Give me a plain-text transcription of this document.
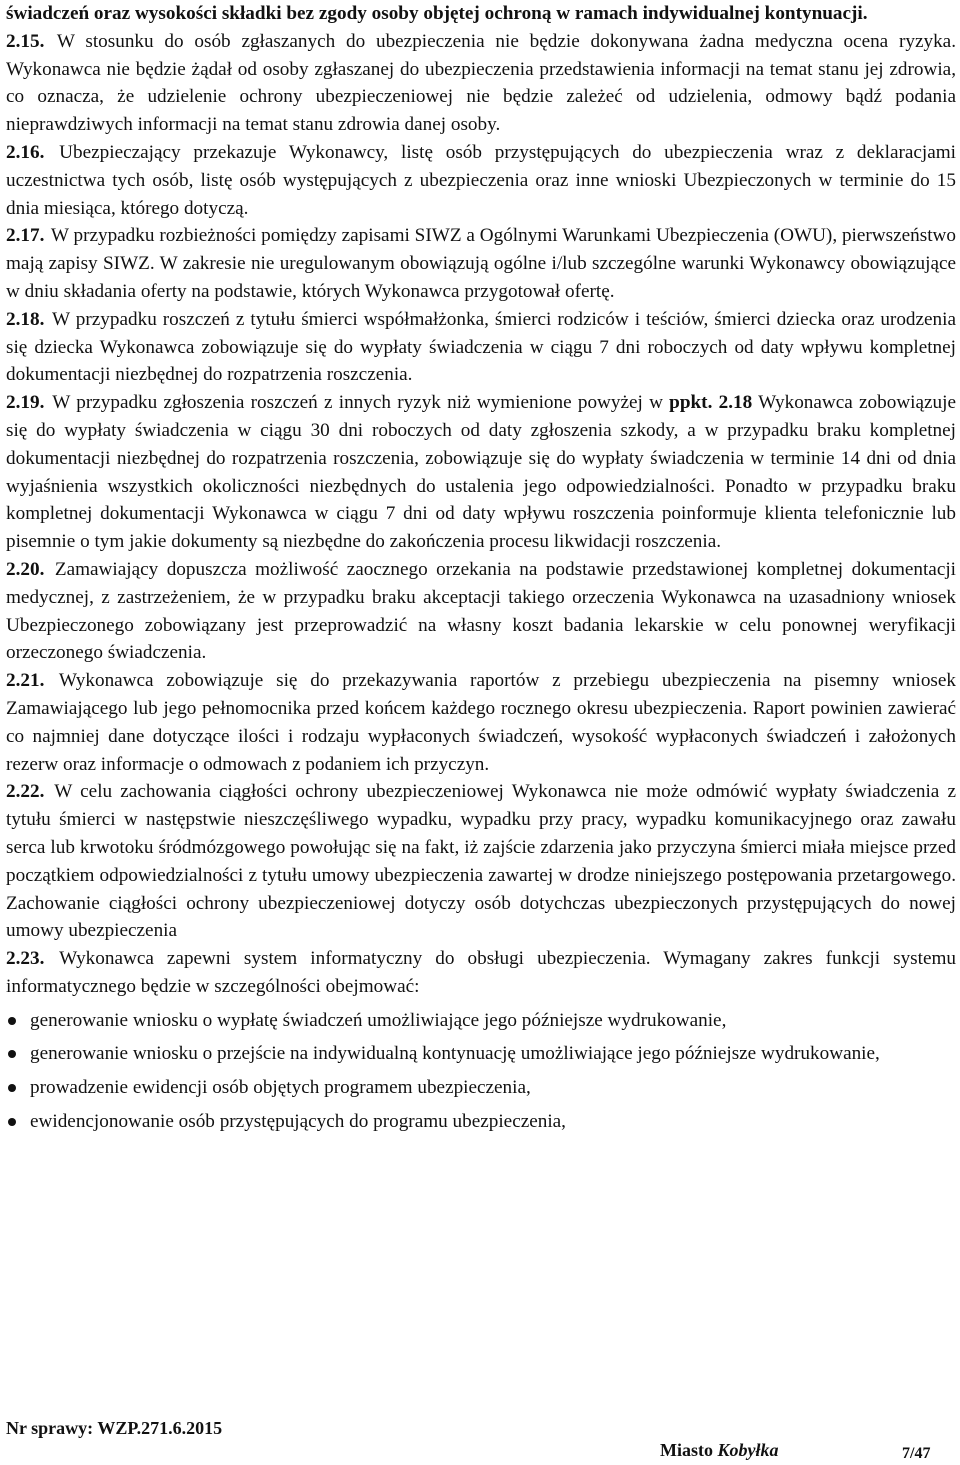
świadczeń oraz wysokości składki bez zgody osoby objętej ochroną w ramach indywidualnej kontynuacji.

2.15. W stosunku do osób zgłaszanych do ubezpieczenia nie będzie dokonywana żadna medyczna ocena ryzyka. Wykonawca nie będzie żądał od osoby zgłaszanej do ubezpieczenia przedstawienia informacji na temat stanu jej zdrowia, co oznacza, że udzielenie ochrony ubezpieczeniowej nie będzie zależeć od udzielenia, odmowy bądź podania nieprawdziwych informacji na temat stanu zdrowia danej osoby.

2.16. Ubezpieczający przekazuje Wykonawcy, listę osób przystępujących do ubezpieczenia wraz z deklaracjami uczestnictwa tych osób, listę osób występujących z ubezpieczenia oraz inne wnioski Ubezpieczonych w terminie do 15 dnia miesiąca, którego dotyczą.

2.17. W przypadku rozbieżności pomiędzy zapisami SIWZ a Ogólnymi Warunkami Ubezpieczenia (OWU), pierwszeństwo mają zapisy SIWZ. W zakresie nie uregulowanym obowiązują ogólne i/lub szczególne warunki Wykonawcy obowiązujące w dniu składania oferty na podstawie, których Wykonawca przygotował ofertę.

2.18. W przypadku roszczeń z tytułu śmierci współmałżonka, śmierci rodziców i teściów, śmierci dziecka oraz urodzenia się dziecka Wykonawca zobowiązuje się do wypłaty świadczenia w ciągu 7 dni roboczych od daty wpływu kompletnej dokumentacji niezbędnej do rozpatrzenia roszczenia.

2.19. W przypadku zgłoszenia roszczeń z innych ryzyk niż wymienione powyżej w ppkt. 2.18 Wykonawca zobowiązuje się do wypłaty świadczenia w ciągu 30 dni roboczych od daty zgłoszenia szkody, a w przypadku braku kompletnej dokumentacji niezbędnej do rozpatrzenia roszczenia, zobowiązuje się do wypłaty świadczenia w terminie 14 dni od dnia wyjaśnienia wszystkich okoliczności niezbędnych do ustalenia jego odpowiedzialności. Ponadto w przypadku braku kompletnej dokumentacji Wykonawca w ciągu 7 dni od daty wpływu roszczenia poinformuje klienta telefonicznie lub pisemnie o tym jakie dokumenty są niezbędne do zakończenia procesu likwidacji roszczenia.

2.20. Zamawiający dopuszcza możliwość zaocznego orzekania na podstawie przedstawionej kompletnej dokumentacji medycznej, z zastrzeżeniem, że w przypadku braku akceptacji takiego orzeczenia Wykonawca na uzasadniony wniosek Ubezpieczonego zobowiązany jest przeprowadzić na własny koszt badania lekarskie w celu ponownej weryfikacji orzeczonego świadczenia.

2.21. Wykonawca zobowiązuje się do przekazywania raportów z przebiegu ubezpieczenia na pisemny wniosek Zamawiającego lub jego pełnomocnika przed końcem każdego rocznego okresu ubezpieczenia. Raport powinien zawierać co najmniej dane dotyczące ilości i rodzaju wypłaconych świadczeń, wysokość wypłaconych świadczeń i założonych rezerw oraz informacje o odmowach z podaniem ich przyczyn.

2.22. W celu zachowania ciągłości ochrony ubezpieczeniowej Wykonawca nie może odmówić wypłaty świadczenia z tytułu śmierci w następstwie nieszczęśliwego wypadku, wypadku przy pracy, wypadku komunikacyjnego oraz zawału serca lub krwotoku śródmózgowego powołując się na fakt, iż zajście zdarzenia jako przyczyna śmierci miała miejsce przed początkiem odpowiedzialności z tytułu umowy ubezpieczenia zawartej w drodze niniejszego postępowania przetargowego. Zachowanie ciągłości ochrony ubezpieczeniowej dotyczy osób dotychczas ubezpieczonych przystępujących do nowej umowy ubezpieczenia

2.23. Wykonawca zapewni system informatyczny do obsługi ubezpieczenia. Wymagany zakres funkcji systemu informatycznego będzie w szczególności obejmować:

generowanie wniosku o wypłatę świadczeń umożliwiające jego późniejsze wydrukowanie,
generowanie wniosku o przejście na indywidualną kontynuację umożliwiające jego późniejsze wydrukowanie,
prowadzenie ewidencji osób objętych programem ubezpieczenia,
ewidencjonowanie osób przystępujących do programu ubezpieczenia,
Nr sprawy: WZP.271.6.2015
Miasto Kobyłka	7/47
